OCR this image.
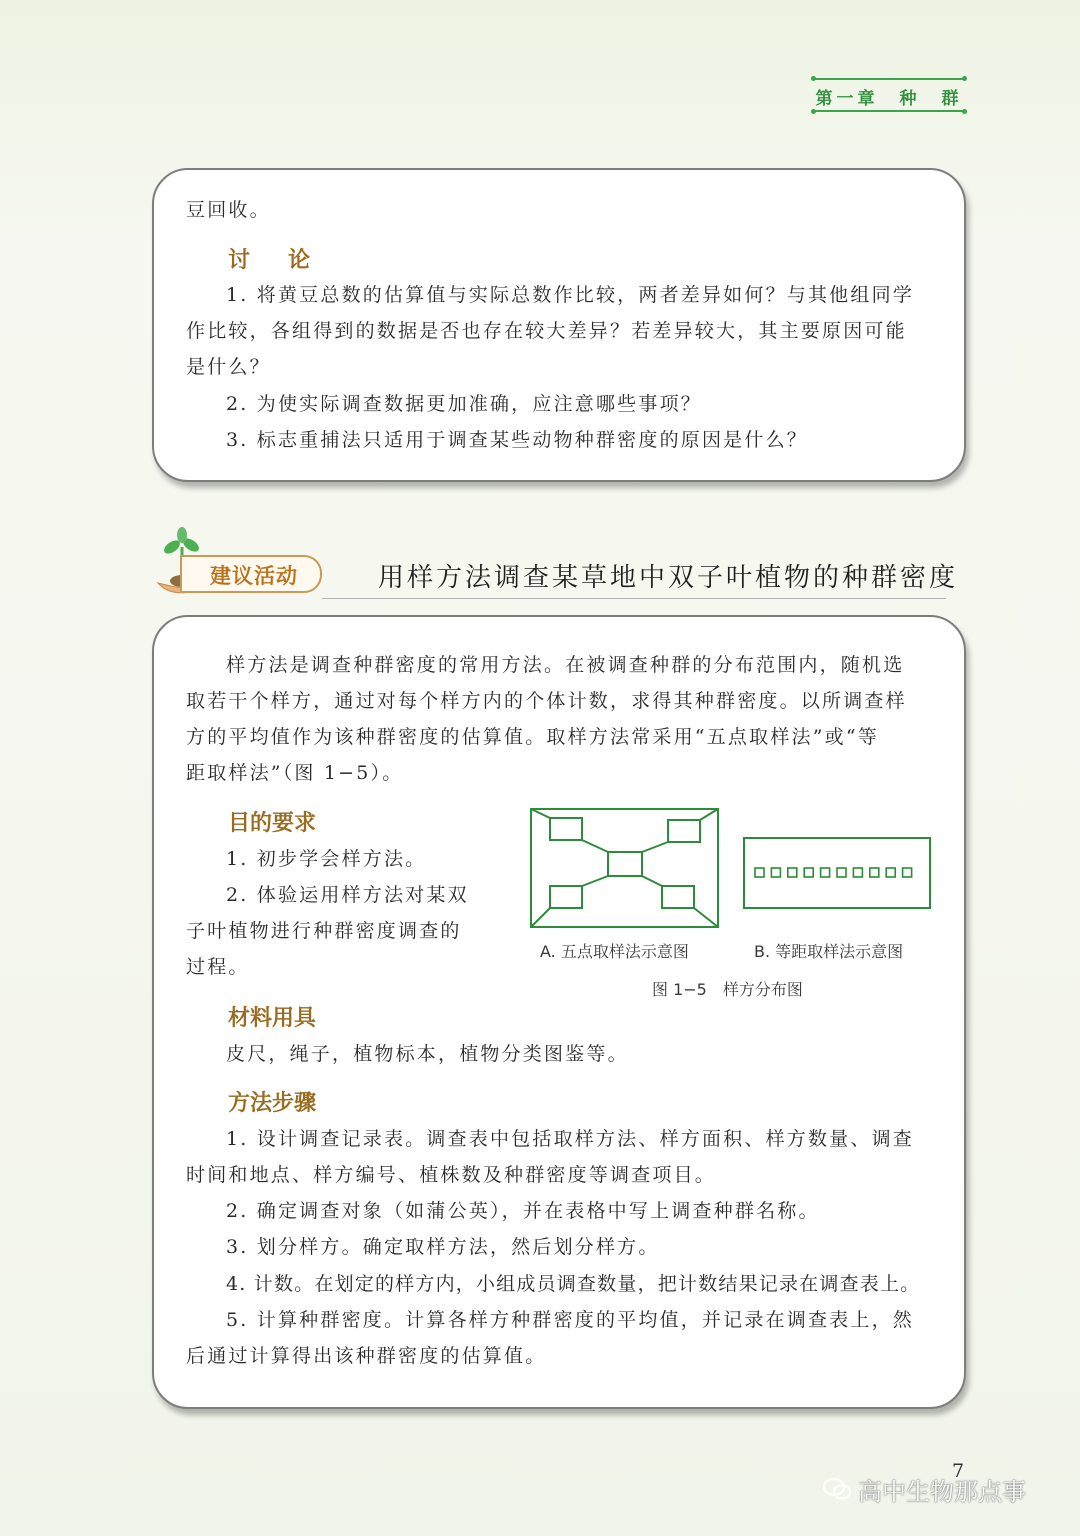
第一章　种　群

豆回收。

讨　论

1. 将黄豆总数的估算值与实际总数作比较，两者差异如何？与其他组同学

作比较，各组得到的数据是否也存在较大差异？若差异较大，其主要原因可能

是什么？

2. 为使实际调查数据更加准确，应注意哪些事项？

3. 标志重捕法只适用于调查某些动物种群密度的原因是什么？

建议活动	用样方法调查某草地中双子叶植物的种群密度

样方法是调查种群密度的常用方法。在被调查种群的分布范围内，随机选

取若干个样方，通过对每个样方内的个体计数，求得其种群密度。以所调查样

方的平均值作为该种群密度的估算值。取样方法常采用“五点取样法”或“等

距取样法”（图 1−5）。

目的要求

1. 初步学会样方法。

2. 体验运用样方法对某双

子叶植物进行种群密度调查的

过程。

A. 五点取样法示意图	B. 等距取样法示意图
图 1−5　样方分布图
材料用具

皮尺，绳子，植物标本，植物分类图鉴等。

方法步骤

1. 设计调查记录表。调查表中包括取样方法、样方面积、样方数量、调查

时间和地点、样方编号、植株数及种群密度等调查项目。

2. 确定调查对象（如蒲公英），并在表格中写上调查种群名称。

3. 划分样方。确定取样方法，然后划分样方。

4. 计数。在划定的样方内，小组成员调查数量，把计数结果记录在调查表上。

5. 计算种群密度。计算各样方种群密度的平均值，并记录在调查表上，然

后通过计算得出该种群密度的估算值。

7
高中生物那点事
